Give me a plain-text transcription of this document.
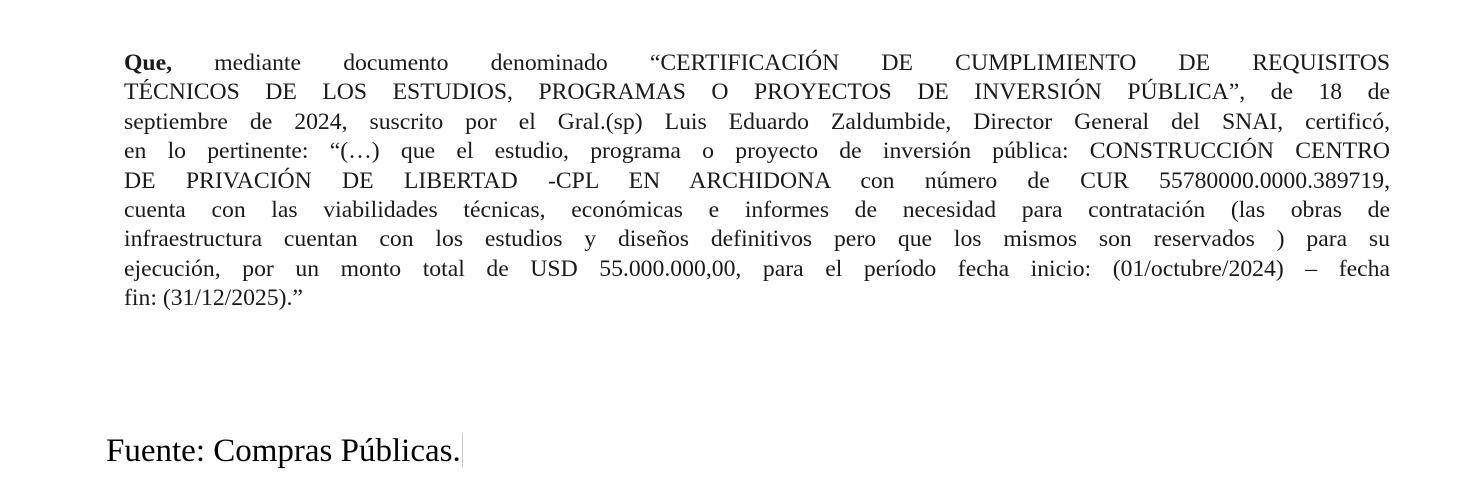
Que, mediante documento denominado “CERTIFICACIÓN DE CUMPLIMIENTO DE REQUISITOS
TÉCNICOS DE LOS ESTUDIOS, PROGRAMAS O PROYECTOS DE INVERSIÓN PÚBLICA”, de 18 de
septiembre de 2024, suscrito por el Gral.(sp) Luis Eduardo Zaldumbide, Director General del SNAI, certificó,
en lo pertinente: “(…) que el estudio, programa o proyecto de inversión pública: CONSTRUCCIÓN CENTRO
DE PRIVACIÓN DE LIBERTAD -CPL EN ARCHIDONA con número de CUR 55780000.0000.389719,
cuenta con las viabilidades técnicas, económicas e informes de necesidad para contratación (las obras de
infraestructura cuentan con los estudios y diseños definitivos pero que los mismos son reservados ) para su
ejecución, por un monto total de USD 55.000.000,00, para el período fecha inicio: (01/octubre/2024) – fecha
fin: (31/12/2025).”
Fuente: Compras Públicas.
